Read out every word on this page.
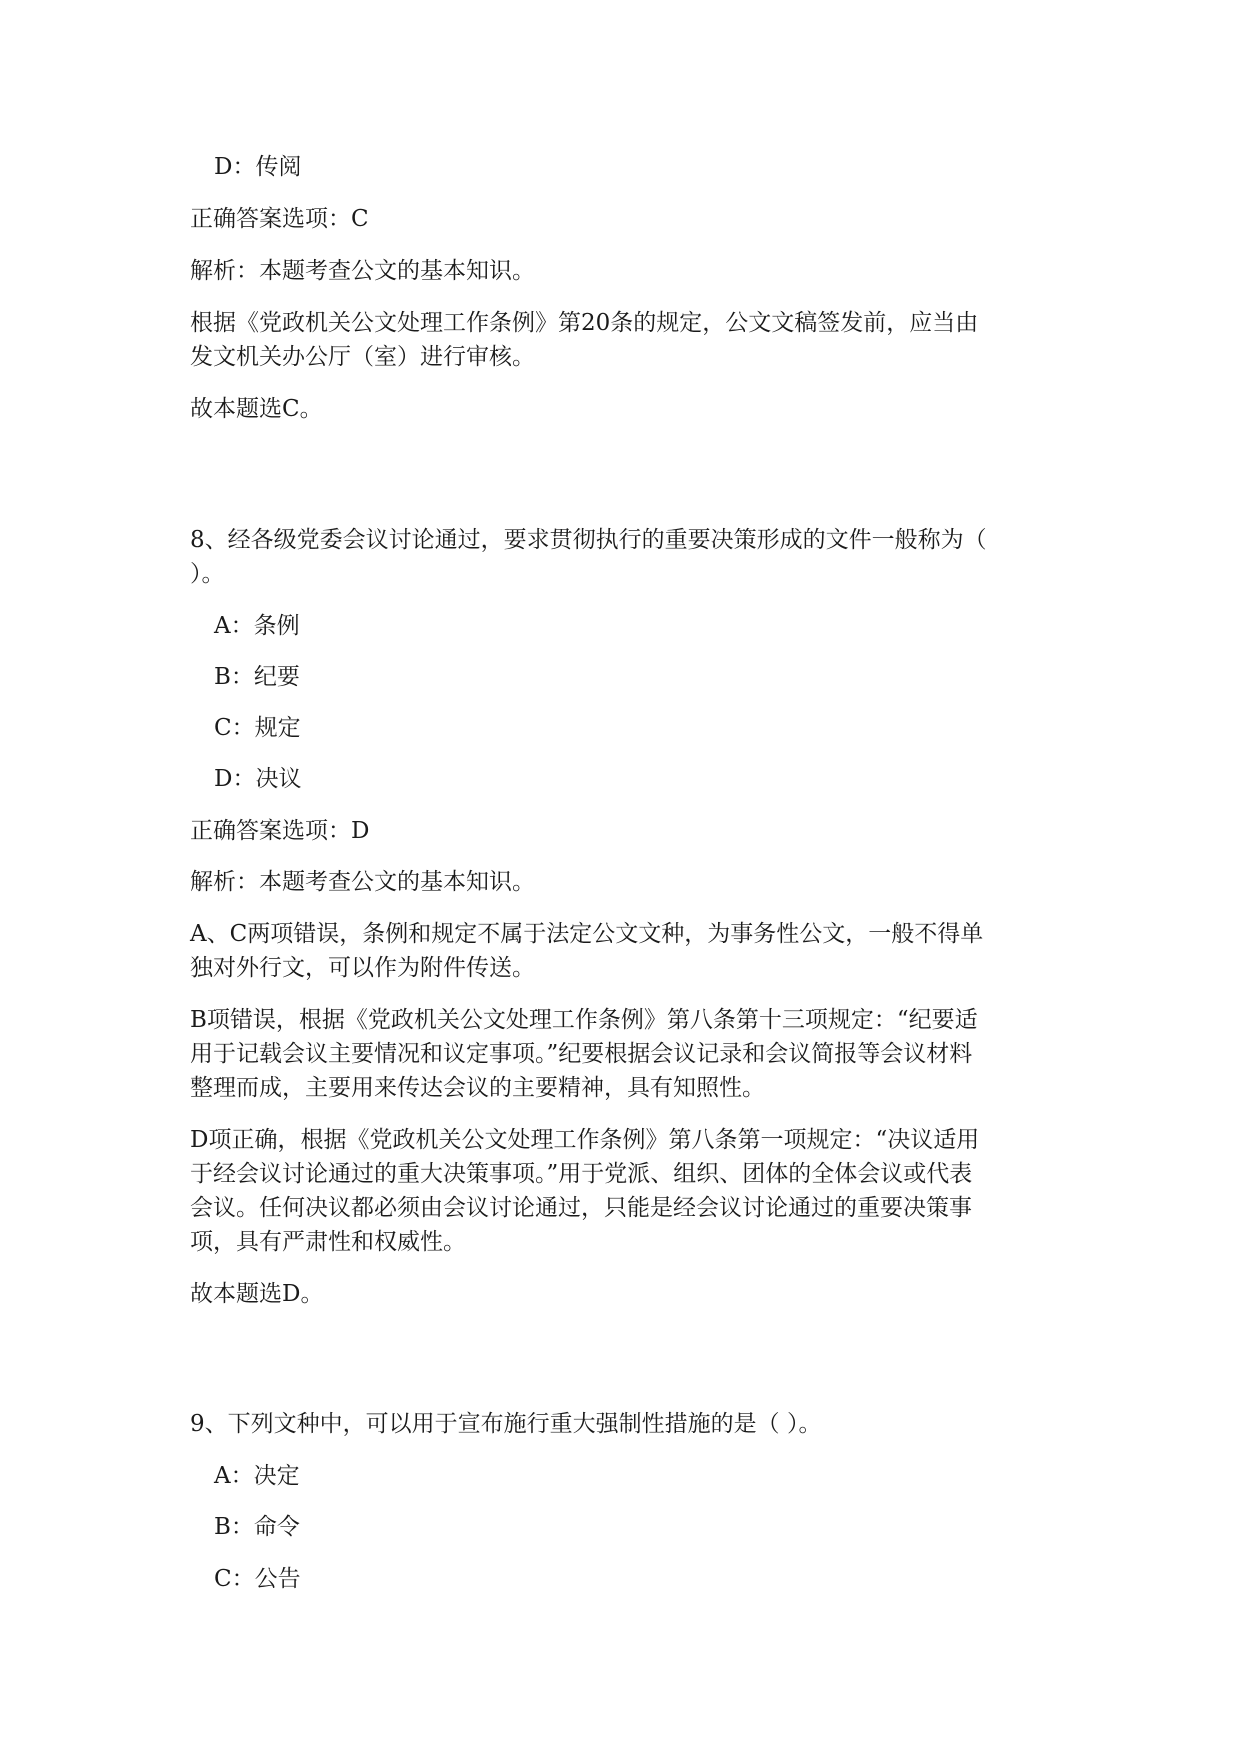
D：传阅
正确答案选项：C
解析：本题考查公文的基本知识。
根据《党政机关公文处理工作条例》第20条的规定，公文文稿签发前，应当由
发文机关办公厅（室）进行审核。
故本题选C。
8、经各级党委会议讨论通过，要求贯彻执行的重要决策形成的文件一般称为（
）。
A：条例
B：纪要
C：规定
D：决议
正确答案选项：D
解析：本题考查公文的基本知识。
A、C两项错误，条例和规定不属于法定公文文种，为事务性公文，一般不得单
独对外行文，可以作为附件传送。
B项错误，根据《党政机关公文处理工作条例》第八条第十三项规定：“纪要适
用于记载会议主要情况和议定事项。”纪要根据会议记录和会议简报等会议材料
整理而成，主要用来传达会议的主要精神，具有知照性。
D项正确，根据《党政机关公文处理工作条例》第八条第一项规定：“决议适用
于经会议讨论通过的重大决策事项。”用于党派、组织、团体的全体会议或代表
会议。任何决议都必须由会议讨论通过，只能是经会议讨论通过的重要决策事
项，具有严肃性和权威性。
故本题选D。
9、下列文种中，可以用于宣布施行重大强制性措施的是（ ）。
A：决定
B：命令
C：公告
